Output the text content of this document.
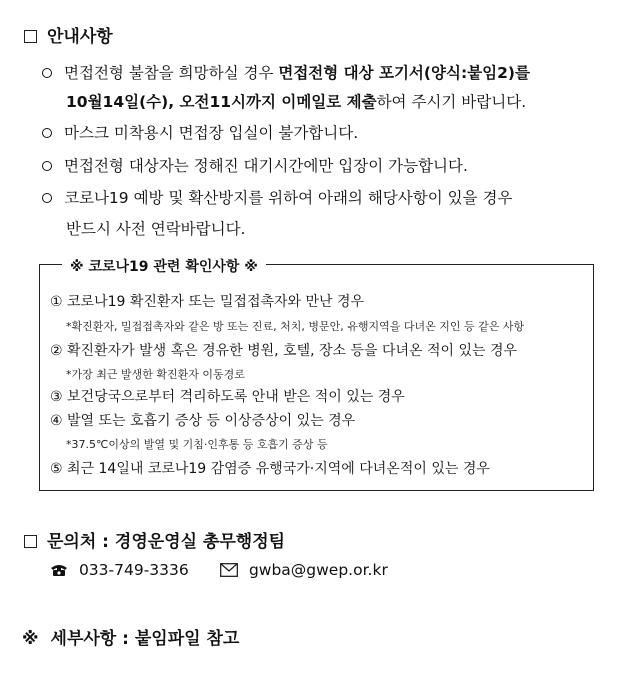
안내사항
면접전형 불참을 희망하실 경우 면접전형 대상 포기서(양식:붙임2)를
10월14일(수), 오전11시까지 이메일로 제출하여 주시기 바랍니다.
마스크 미착용시 면접장 입실이 불가합니다.
면접전형 대상자는 정해진 대기시간에만 입장이 가능합니다.
코로나19 예방 및 확산방지를 위하여 아래의 해당사항이 있을 경우
반드시 사전 연락바랍니다.
※ 코로나19 관련 확인사항 ※
① 코로나19 확진환자 또는 밀접접촉자와 만난 경우
*확진환자, 밀접접촉자와 같은 방 또는 진료, 처치, 병문안, 유행지역을 다녀온 지인 등 같은 사항
② 확진환자가 발생 혹은 경유한 병원, 호텔, 장소 등을 다녀온 적이 있는 경우
*가장 최근 발생한 확진환자 이동경로
③ 보건당국으로부터 격리하도록 안내 받은 적이 있는 경우
④ 발열 또는 호흡기 증상 등 이상증상이 있는 경우
*37.5℃이상의 발열 및 기침·인후통 등 호흡기 증상 등
⑤ 최근 14일내 코로나19 감염증 유행국가·지역에 다녀온적이 있는 경우
문의처 : 경영운영실 총무행정팀
033-749-3336	gwba@gwep.or.kr
※ 세부사항 : 붙임파일 참고
